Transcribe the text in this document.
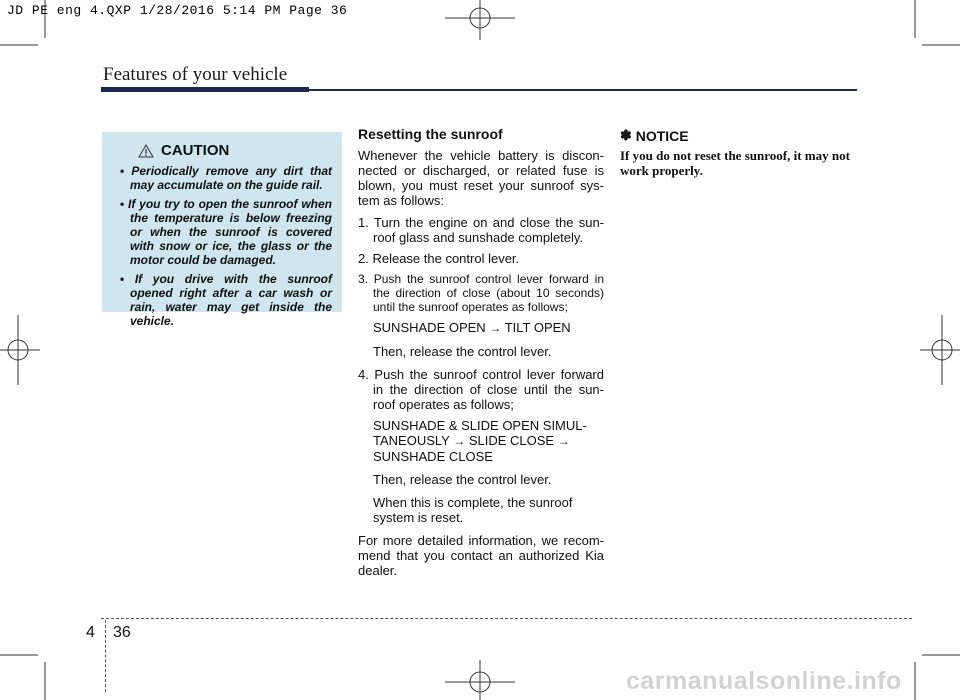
JD PE eng 4.QXP 1/28/2016 5:14 PM Page 36
Features of your vehicle
CAUTION
• Periodically remove any dirt that may accumulate on the guide rail.
• If you try to open the sunroof when the temperature is below freezing or when the sunroof is covered with snow or ice, the glass or the motor could be damaged.
• If you drive with the sunroof opened right after a car wash or rain, water may get inside the vehicle.
Resetting the sunroof

Whenever the vehicle battery is discon-nected or discharged, or related fuse is blown, you must reset your sunroof sys-tem as follows:

1. Turn the engine on and close the sun-roof glass and sunshade completely.

2. Release the control lever.

3. Push the sunroof control lever forward in the direction of close (about 10 seconds) until the sunroof operates as follows;

SUNSHADE OPEN → TILT OPEN
Then, release the control lever.

4. Push the sunroof control lever forward in the direction of close until the sun-roof operates as follows;

SUNSHADE & SLIDE OPEN SIMUL-TANEOUSLY → SLIDE CLOSE → SUNSHADE CLOSE
Then, release the control lever.
When this is complete, the sunroof system is reset.

For more detailed information, we recom-mend that you contact an authorized Kia dealer.

✽ NOTICE
If you do not reset the sunroof, it may not work properly.
4 36
carmanualsonline.info
